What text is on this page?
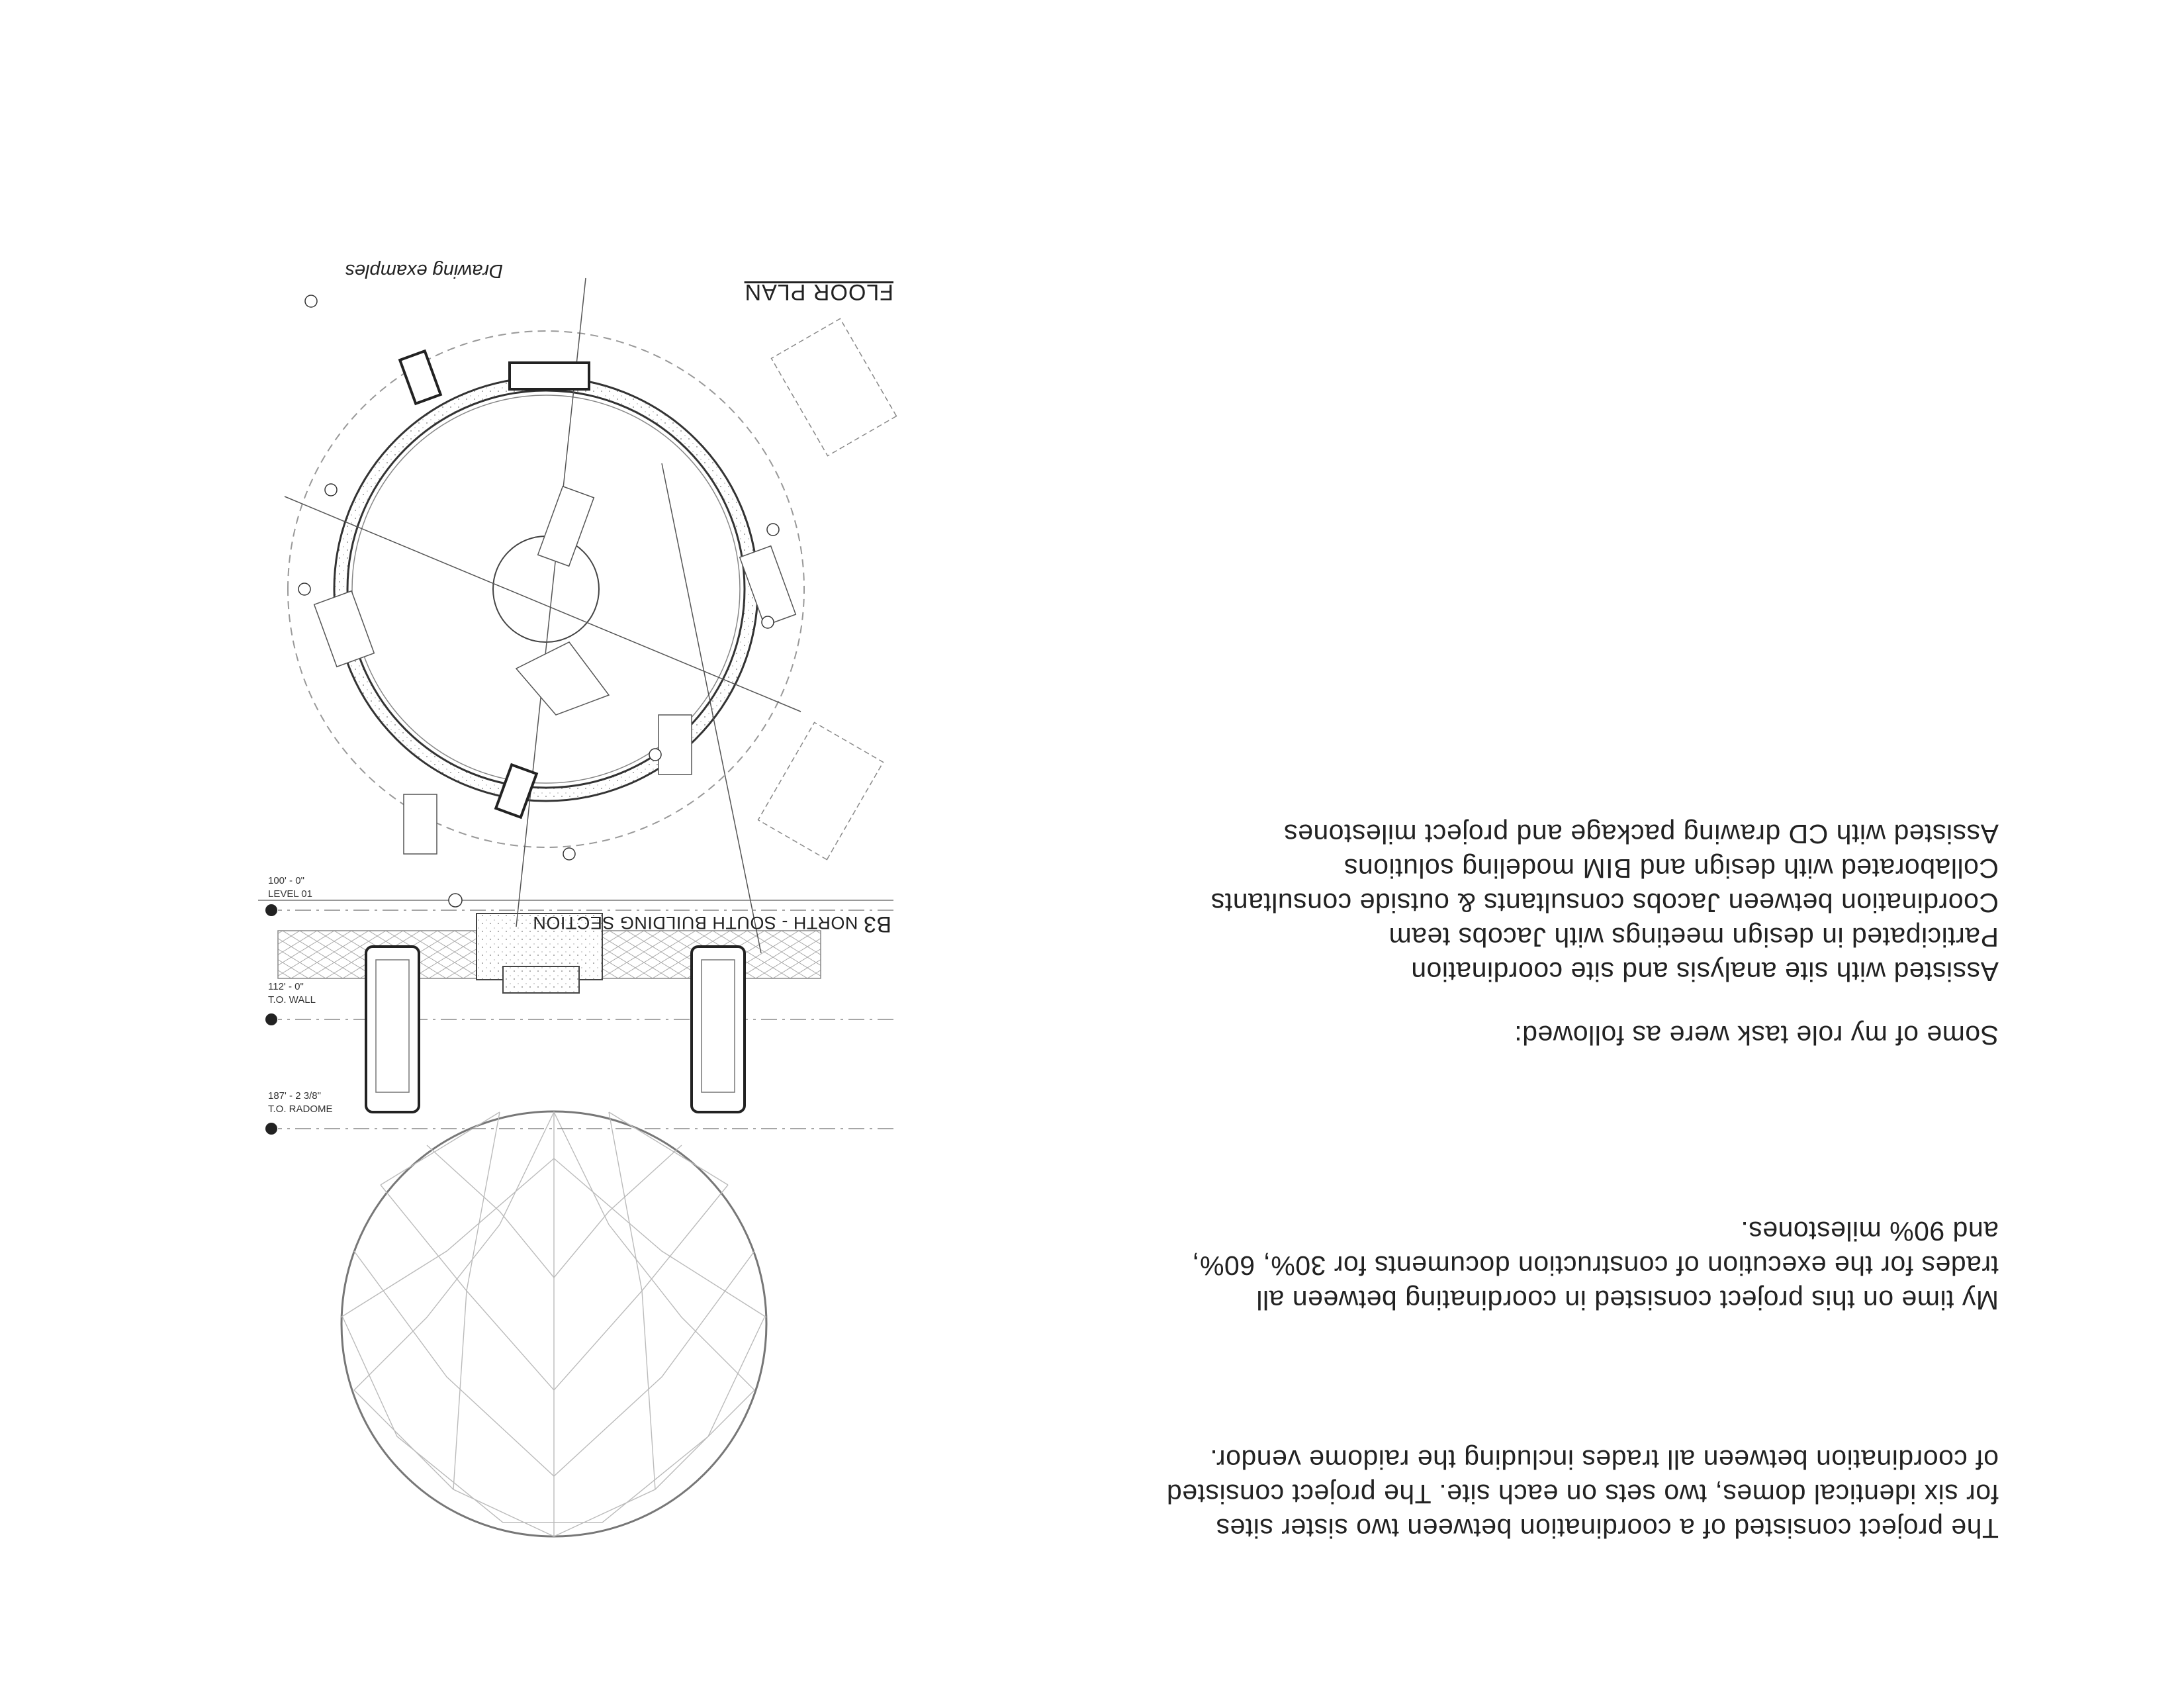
The project consisted of a coordination between two sister sites
for six identical domes, two sets on each site. The project consisted
of coordination between all trades including the raidome vendor.
My time on this project consisted in coordinating between all
trades for the execution of construction documents for 30%, 60%,
and 90% milestones.

Some of my role task were as followed:

Assisted with site analysis and site coordination

Participated in design meetings with Jacobs team

Coordination between Jacobs consultants & outside consultants

Collaborated with design and BIM modeling solutions

Assisted with CD drawing package and project milestones

T.O. RADOME
187' - 2 3/8"
T.O. WALL
112' - 0"
LEVEL 01
100' - 0"
FLOOR PLAN
Drawing examples
B3 NORTH - SOUTH BUILDING SECTION
